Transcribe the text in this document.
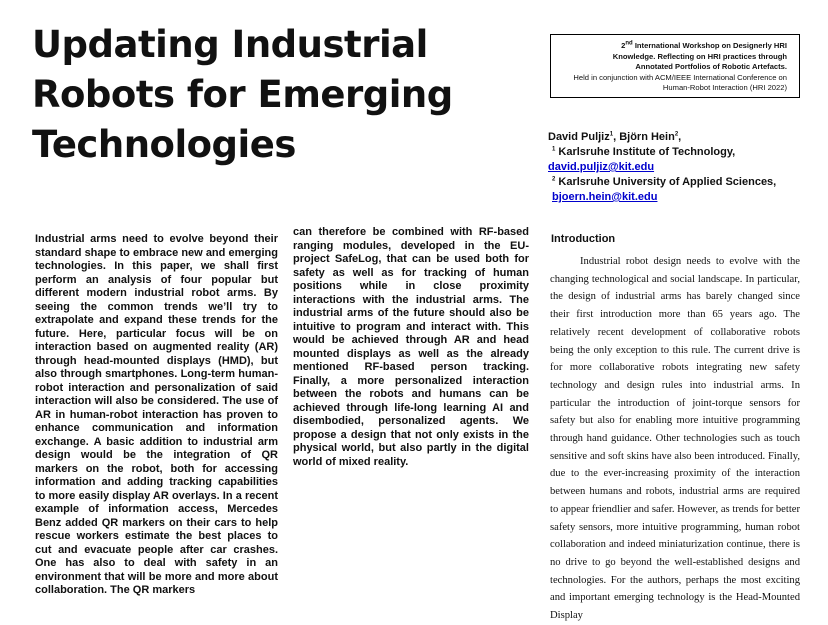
Updating Industrial
Robots for Emerging
Technologies
2nd International Workshop on Designerly HRI
Knowledge. Reflecting on HRI practices through
Annotated Portfolios of Robotic Artefacts.
Held in conjunction with ACM/IEEE International Conference on
Human-Robot Interaction (HRI 2022)
David Puljiz$^1$, Bjӧrn Hein$^2$,
$^1$ Karlsruhe Institute of Technology,
david.puljiz@kit.edu
$^2$ Karlsruhe University of Applied Sciences,
bjoern.hein@kit.edu

Industrial arms need to evolve beyond their standard shape to embrace new and emerging technologies. In this paper, we shall first perform an analysis of four popular but different modern industrial robot arms. By seeing the common trends we’ll try to extrapolate and expand these trends for the future. Here, particular focus will be on interaction based on augmented reality (AR) through head-mounted displays (HMD), but also through smartphones. Long-term human-robot interaction and personalization of said interaction will also be considered. The use of AR in human-robot interaction has proven to enhance communication and information exchange. A basic addition to industrial arm design would be the integration of QR markers on the robot, both for accessing information and adding tracking capabilities to more easily display AR overlays. In a recent example of information access, Mercedes Benz added QR markers on their cars to help rescue workers estimate the best places to cut and evacuate people after car crashes. One has also to deal with safety in an environment that will be more and more about collaboration. The QR markers

can therefore be combined with RF-based ranging modules, developed in the EU-project SafeLog, that can be used both for safety as well as for tracking of human positions while in close proximity interactions with the industrial arms. The industrial arms of the future should also be intuitive to program and interact with. This would be achieved through AR and head mounted displays as well as the already mentioned RF-based person tracking. Finally, a more personalized interaction between the robots and humans can be achieved through life-long learning AI and disembodied, personalized agents. We propose a design that not only exists in the physical world, but also partly in the digital world of mixed reality.

Introduction

Industrial robot design needs to evolve with the changing technological and social landscape. In particular, the design of industrial arms has barely changed since their first introduction more than 65 years ago. The relatively recent development of collaborative robots being the only exception to this rule. The current drive is for more collaborative robots integrating new safety technology and design rules into industrial arms. In particular the introduction of joint-torque sensors for safety but also for enabling more intuitive programming through hand guidance. Other technologies such as touch sensitive and soft skins have also been introduced. Finally, due to the ever-increasing proximity of the interaction between humans and robots, industrial arms are required to appear friendlier and safer. However, as trends for better safety sensors, more intuitive programming, human robot collaboration and indeed miniaturization continue, there is no drive to go beyond the well-established designs and technologies. For the authors, perhaps the most exciting and important emerging technology is the Head-Mounted Display
